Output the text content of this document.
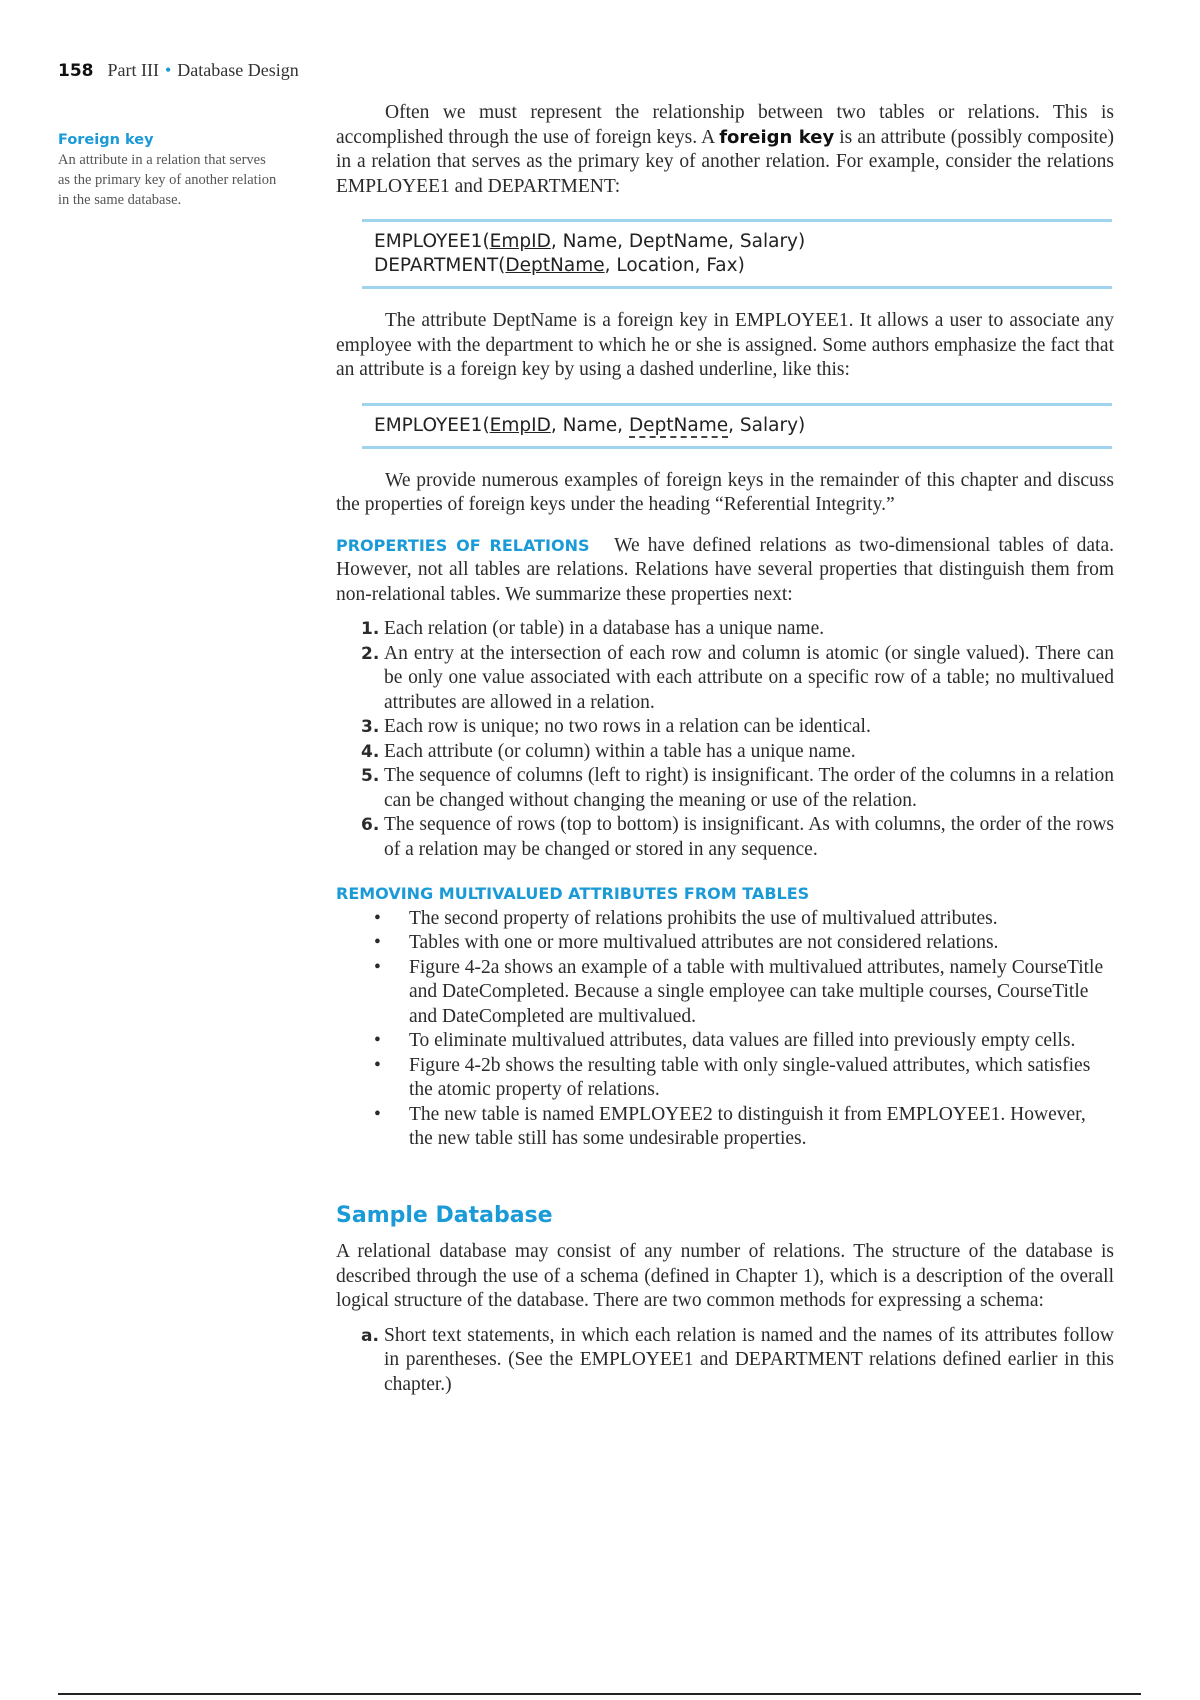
158 Part III • Database Design
Foreign key
An attribute in a relation that serves as the primary key of another relation in the same database.

Often we must represent the relationship between two tables or relations. This is accomplished through the use of foreign keys. A foreign key is an attribute (possibly composite) in a relation that serves as the primary key of another relation. For example, consider the relations EMPLOYEE1 and DEPARTMENT:

EMPLOYEE1(EmpID, Name, DeptName, Salary)
DEPARTMENT(DeptName, Location, Fax)

The attribute DeptName is a foreign key in EMPLOYEE1. It allows a user to associate any employee with the department to which he or she is assigned. Some authors emphasize the fact that an attribute is a foreign key by using a dashed underline, like this:

EMPLOYEE1(EmpID, Name, DeptName, Salary)

We provide numerous examples of foreign keys in the remainder of this chapter and discuss the properties of foreign keys under the heading “Referential Integrity.”

PROPERTIES OF RELATIONS We have defined relations as two-dimensional tables of data. However, not all tables are relations. Relations have several properties that distinguish them from non-relational tables. We summarize these properties next:

1. Each relation (or table) in a database has a unique name.
2. An entry at the intersection of each row and column is atomic (or single valued). There can be only one value associated with each attribute on a specific row of a table; no multivalued attributes are allowed in a relation.
3. Each row is unique; no two rows in a relation can be identical.
4. Each attribute (or column) within a table has a unique name.
5. The sequence of columns (left to right) is insignificant. The order of the columns in a relation can be changed without changing the meaning or use of the relation.
6. The sequence of rows (top to bottom) is insignificant. As with columns, the order of the rows of a relation may be changed or stored in any sequence.
REMOVING MULTIVALUED ATTRIBUTES FROM TABLES
• The second property of relations prohibits the use of multivalued attributes.
• Tables with one or more multivalued attributes are not considered relations.
• Figure 4-2a shows an example of a table with multivalued attributes, namely CourseTitle and DateCompleted. Because a single employee can take multiple courses, CourseTitle and DateCompleted are multivalued.
• To eliminate multivalued attributes, data values are filled into previously empty cells.
• Figure 4-2b shows the resulting table with only single-valued attributes, which satisfies the atomic property of relations.
• The new table is named EMPLOYEE2 to distinguish it from EMPLOYEE1. However, the new table still has some undesirable properties.
Sample Database

A relational database may consist of any number of relations. The structure of the database is described through the use of a schema (defined in Chapter 1), which is a description of the overall logical structure of the database. There are two common methods for expressing a schema:

a. Short text statements, in which each relation is named and the names of its attributes follow in parentheses. (See the EMPLOYEE1 and DEPARTMENT relations defined earlier in this chapter.)
